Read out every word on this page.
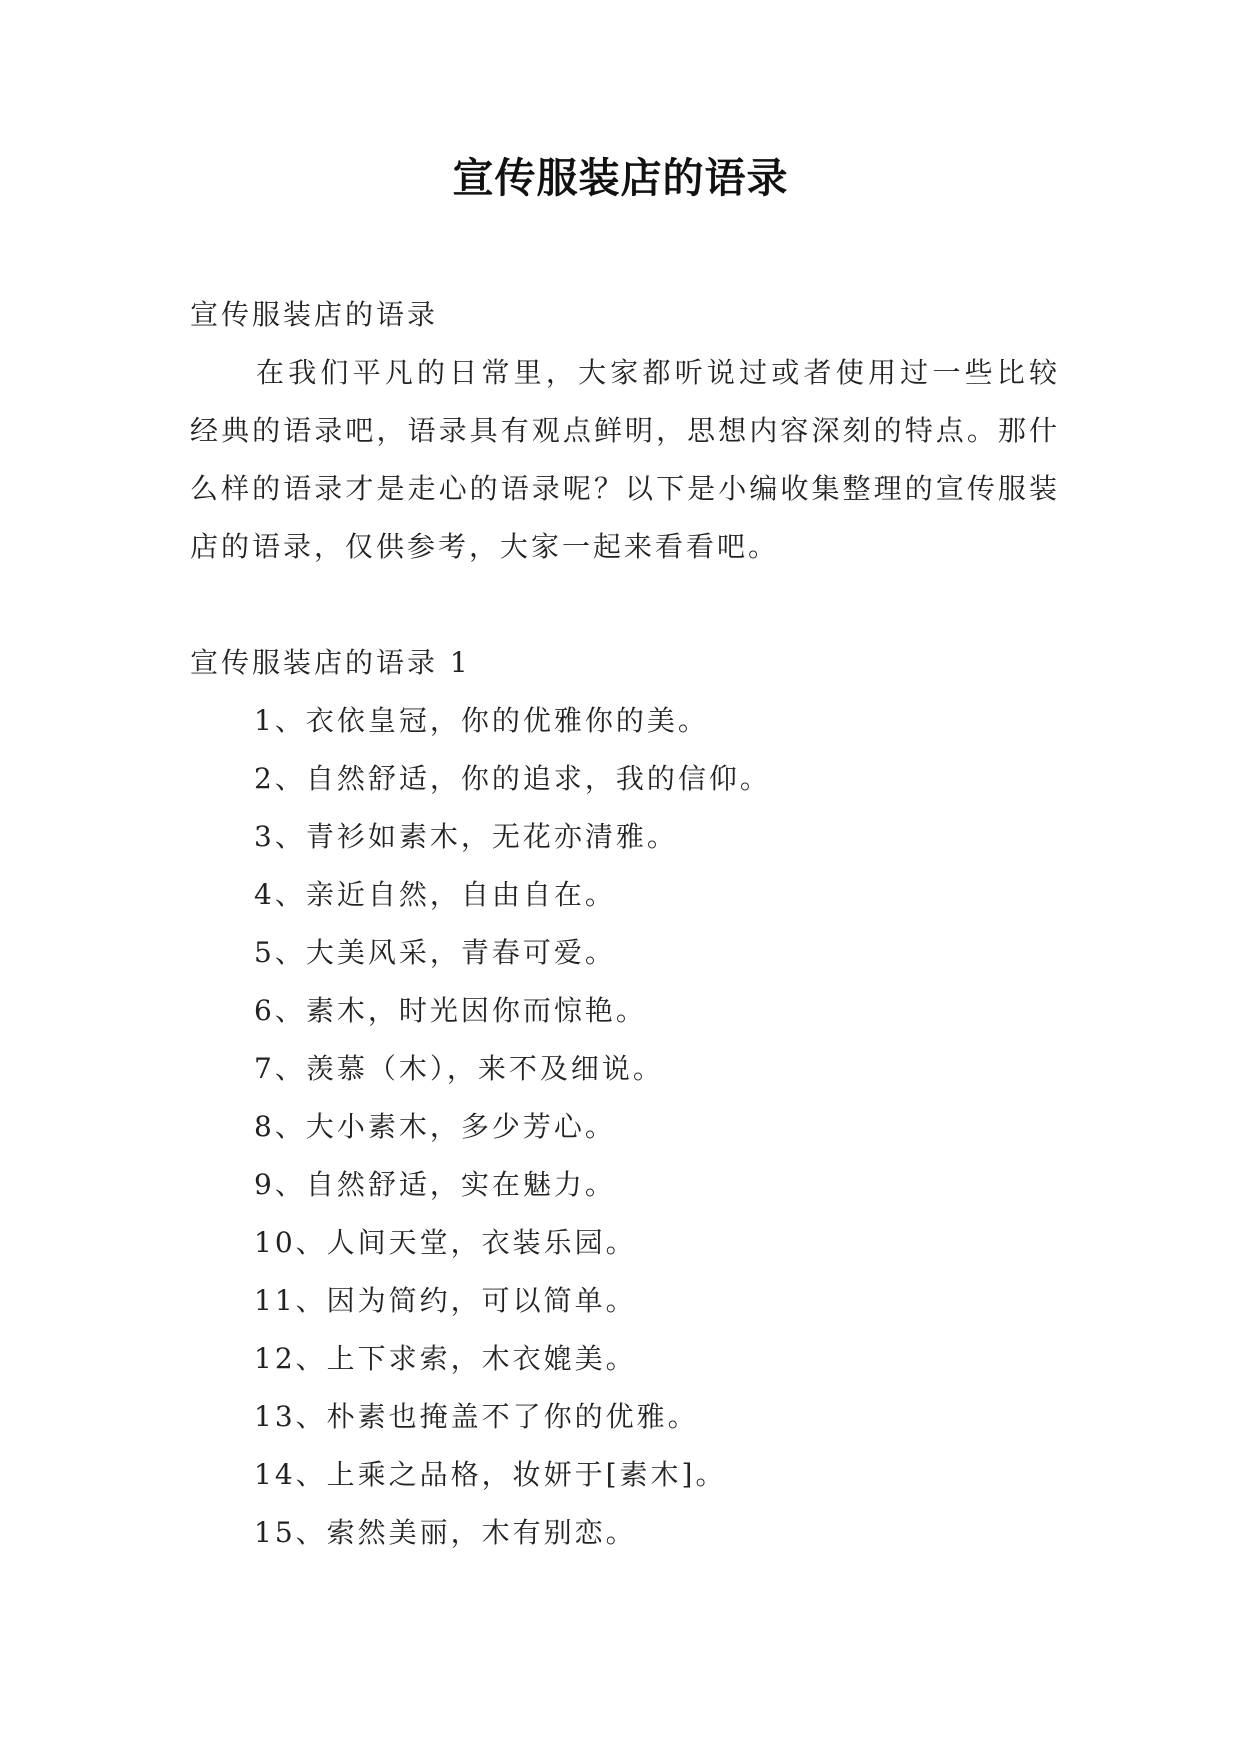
宣传服装店的语录

宣传服装店的语录

在我们平凡的日常里，大家都听说过或者使用过一些比较经典的语录吧，语录具有观点鲜明，思想内容深刻的特点。那什么样的语录才是走心的语录呢？以下是小编收集整理的宣传服装店的语录，仅供参考，大家一起来看看吧。

宣传服装店的语录 1

1、衣依皇冠，你的优雅你的美。
2、自然舒适，你的追求，我的信仰。
3、青衫如素木，无花亦清雅。
4、亲近自然，自由自在。
5、大美风采，青春可爱。
6、素木，时光因你而惊艳。
7、羡慕（木），来不及细说。
8、大小素木，多少芳心。
9、自然舒适，实在魅力。
10、人间天堂，衣装乐园。
11、因为简约，可以简单。
12、上下求索，木衣媲美。
13、朴素也掩盖不了你的优雅。
14、上乘之品格，妆妍于[素木]。
15、索然美丽，木有别恋。
